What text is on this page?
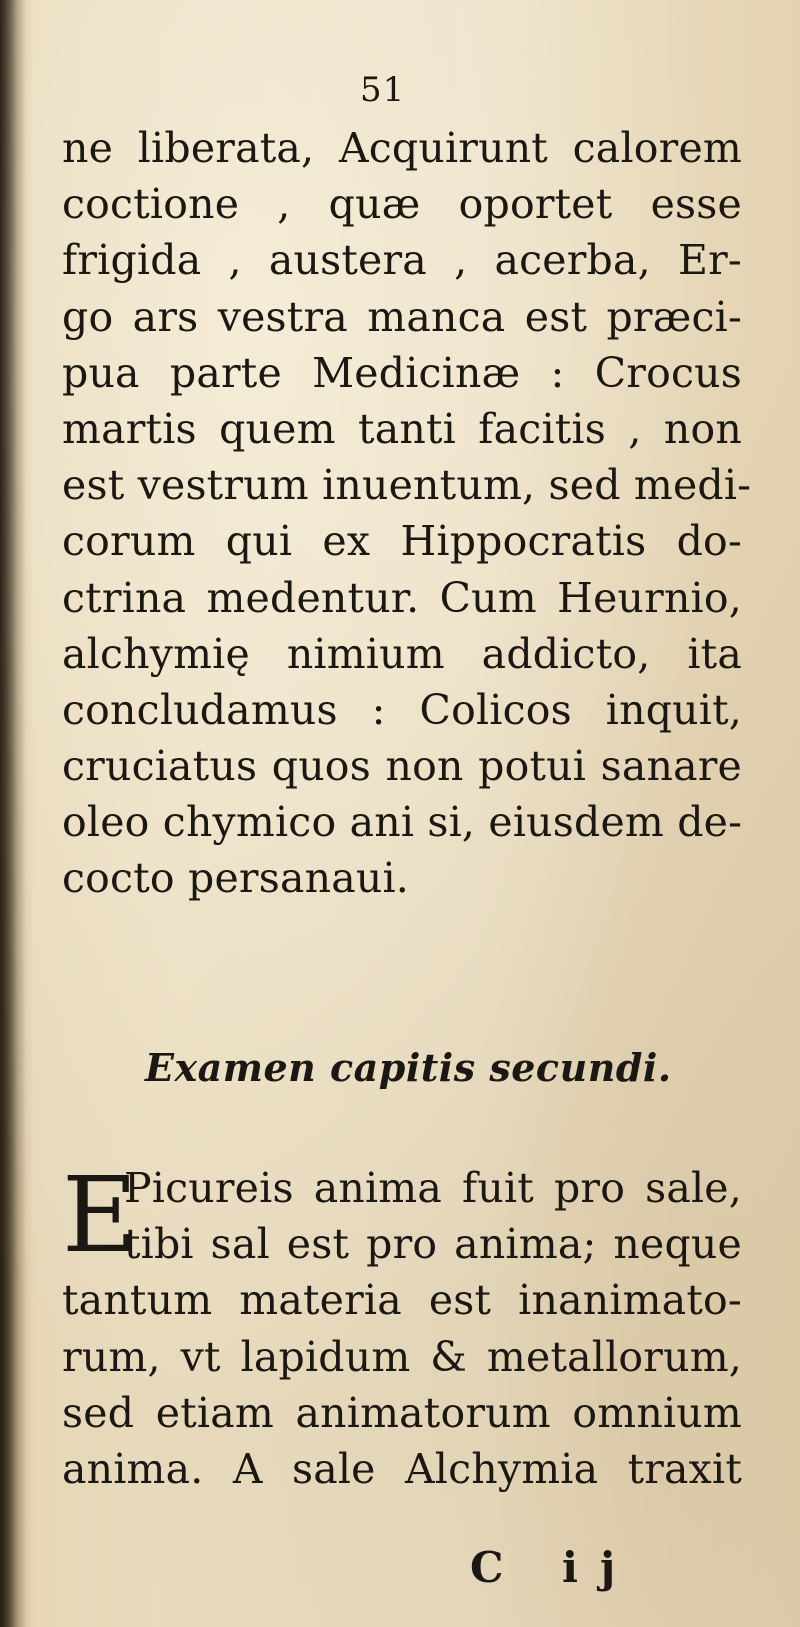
51
ne liberata, Acquirunt calorem
coctione , quæ oportet esse
frigida , austera , acerba, Er-
go ars vestra manca est præci-
pua parte Medicinæ : Crocus
martis quem tanti facitis , non
est vestrum inuentum, sed medi-
corum qui ex Hippocratis do-
ctrina medentur. Cum Heurnio,
alchymię nimium addicto, ita
concludamus : Colicos inquit,
cruciatus quos non potui sanare
oleo chymico ani si, eiusdem de-
cocto persanaui.
Examen capitis secundi.
E
Picureis anima fuit pro sale,
tibi sal est pro anima; neque
tantum materia est inanimato-
rum, vt lapidum & metallorum,
sed etiam animatorum omnium
anima. A sale Alchymia traxit
C ij
